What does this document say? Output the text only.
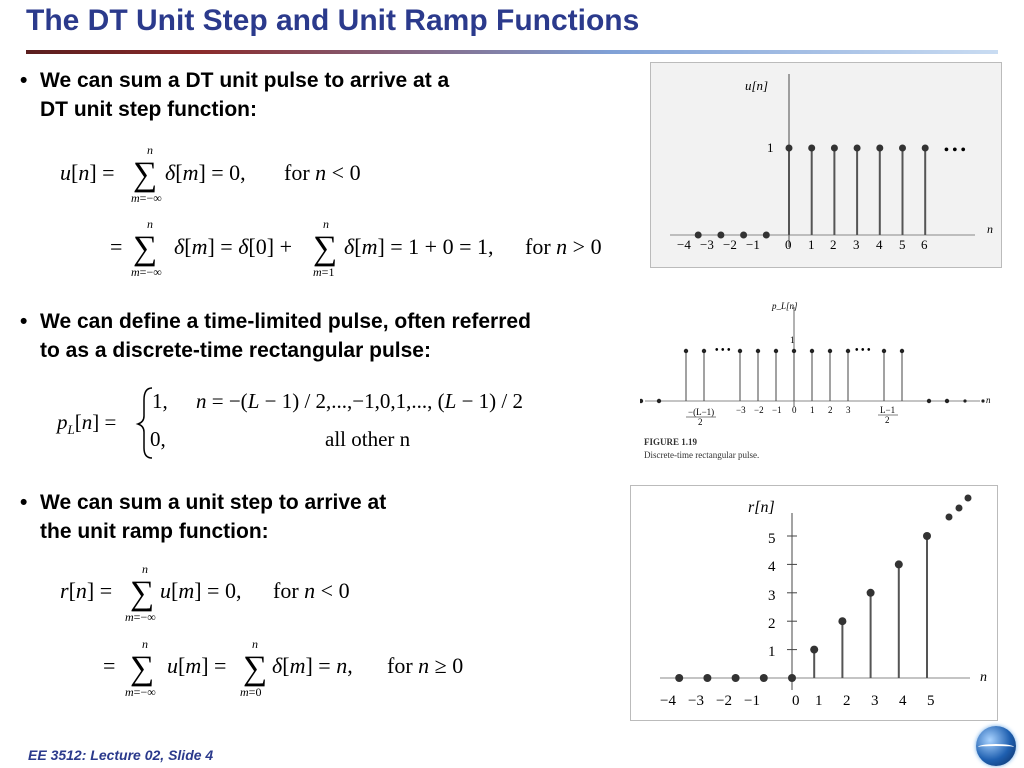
The DT Unit Step and Unit Ramp Functions
• We can sum a DT unit pulse to arrive at a
DT unit step function:
• We can define a time-limited pulse, often referred
to as a discrete-time rectangular pulse:
• We can sum a unit step to arrive at
the unit ramp function:
u[n] = ∑
n
m=−∞
δ[m] = 0, for n < 0
= ∑
n
m=−∞
δ[m] = δ[0] + ∑
n
m=1
δ[m] = 1 + 0 = 1, for n > 0
$p_L[n]$ =
1, n = −(L − 1) / 2,...,−1,0,1,..., (L − 1) / 2
0,	all other n
r[n] = ∑
n
m=−∞
u[m] = 0, for n < 0
= ∑
n
m=−∞
u[m] = ∑
n
m=0
δ[m] = n, for n ≥ 0
u[n]
n
1	• • •
−4 −3 −2 −1 0 1 2 3 4 5 6
p_L[n]
n
1
• • •	• • •
−(L−1)
2
−3 −2 −1 0 1 2 3	L−1
2
FIGURE 1.19
Discrete-time rectangular pulse.
r[n]
n
5
4
3
2
1
−4 −3 −2 −1 0 1 2 3 4 5
EE 3512: Lecture 02, Slide 4
